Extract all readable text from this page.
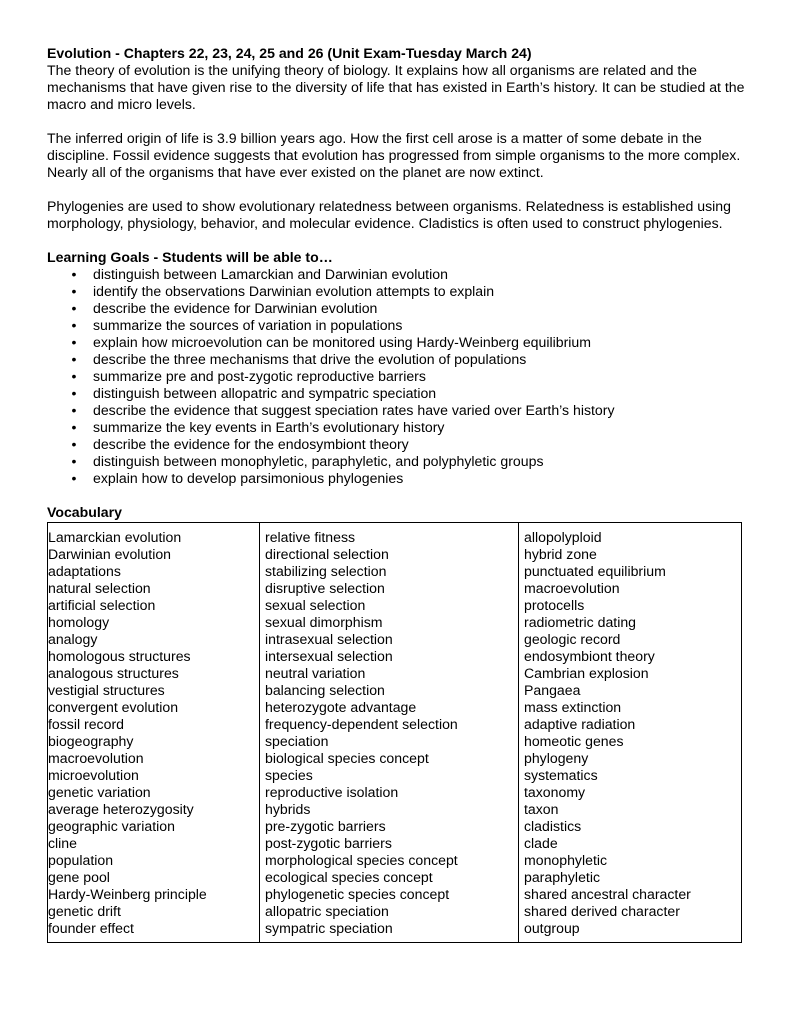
Evolution - Chapters 22, 23, 24, 25 and 26 (Unit Exam-Tuesday March 24)

The theory of evolution is the unifying theory of biology. It explains how all organisms are related and the mechanisms that have given rise to the diversity of life that has existed in Earth’s history. It can be studied at the macro and micro levels.

The inferred origin of life is 3.9 billion years ago. How the first cell arose is a matter of some debate in the discipline. Fossil evidence suggests that evolution has progressed from simple organisms to the more complex. Nearly all of the organisms that have ever existed on the planet are now extinct.

Phylogenies are used to show evolutionary relatedness between organisms. Relatedness is established using morphology, physiology, behavior, and molecular evidence. Cladistics is often used to construct phylogenies.

Learning Goals - Students will be able to…

• distinguish between Lamarckian and Darwinian evolution
• identify the observations Darwinian evolution attempts to explain
• describe the evidence for Darwinian evolution
• summarize the sources of variation in populations
• explain how microevolution can be monitored using Hardy-Weinberg equilibrium
• describe the three mechanisms that drive the evolution of populations
• summarize pre and post-zygotic reproductive barriers
• distinguish between allopatric and sympatric speciation
• describe the evidence that suggest speciation rates have varied over Earth’s history
• summarize the key events in Earth’s evolutionary history
• describe the evidence for the endosymbiont theory
• distinguish between monophyletic, paraphyletic, and polyphyletic groups
• explain how to develop parsimonious phylogenies

Vocabulary

Lamarckian evolution
Darwinian evolution
adaptations
natural selection
artificial selection
homology
analogy
homologous structures
analogous structures
vestigial structures
convergent evolution
fossil record
biogeography
macroevolution
microevolution
genetic variation
average heterozygosity
geographic variation
cline
population
gene pool
Hardy-Weinberg principle
genetic drift
founder effect
relative fitness
directional selection
stabilizing selection
disruptive selection
sexual selection
sexual dimorphism
intrasexual selection
intersexual selection
neutral variation
balancing selection
heterozygote advantage
frequency-dependent selection
speciation
biological species concept
species
reproductive isolation
hybrids
pre-zygotic barriers
post-zygotic barriers
morphological species concept
ecological species concept
phylogenetic species concept
allopatric speciation
sympatric speciation
allopolyploid
hybrid zone
punctuated equilibrium
macroevolution
protocells
radiometric dating
geologic record
endosymbiont theory
Cambrian explosion
Pangaea
mass extinction
adaptive radiation
homeotic genes
phylogeny
systematics
taxonomy
taxon
cladistics
clade
monophyletic
paraphyletic
shared ancestral character
shared derived character
outgroup
